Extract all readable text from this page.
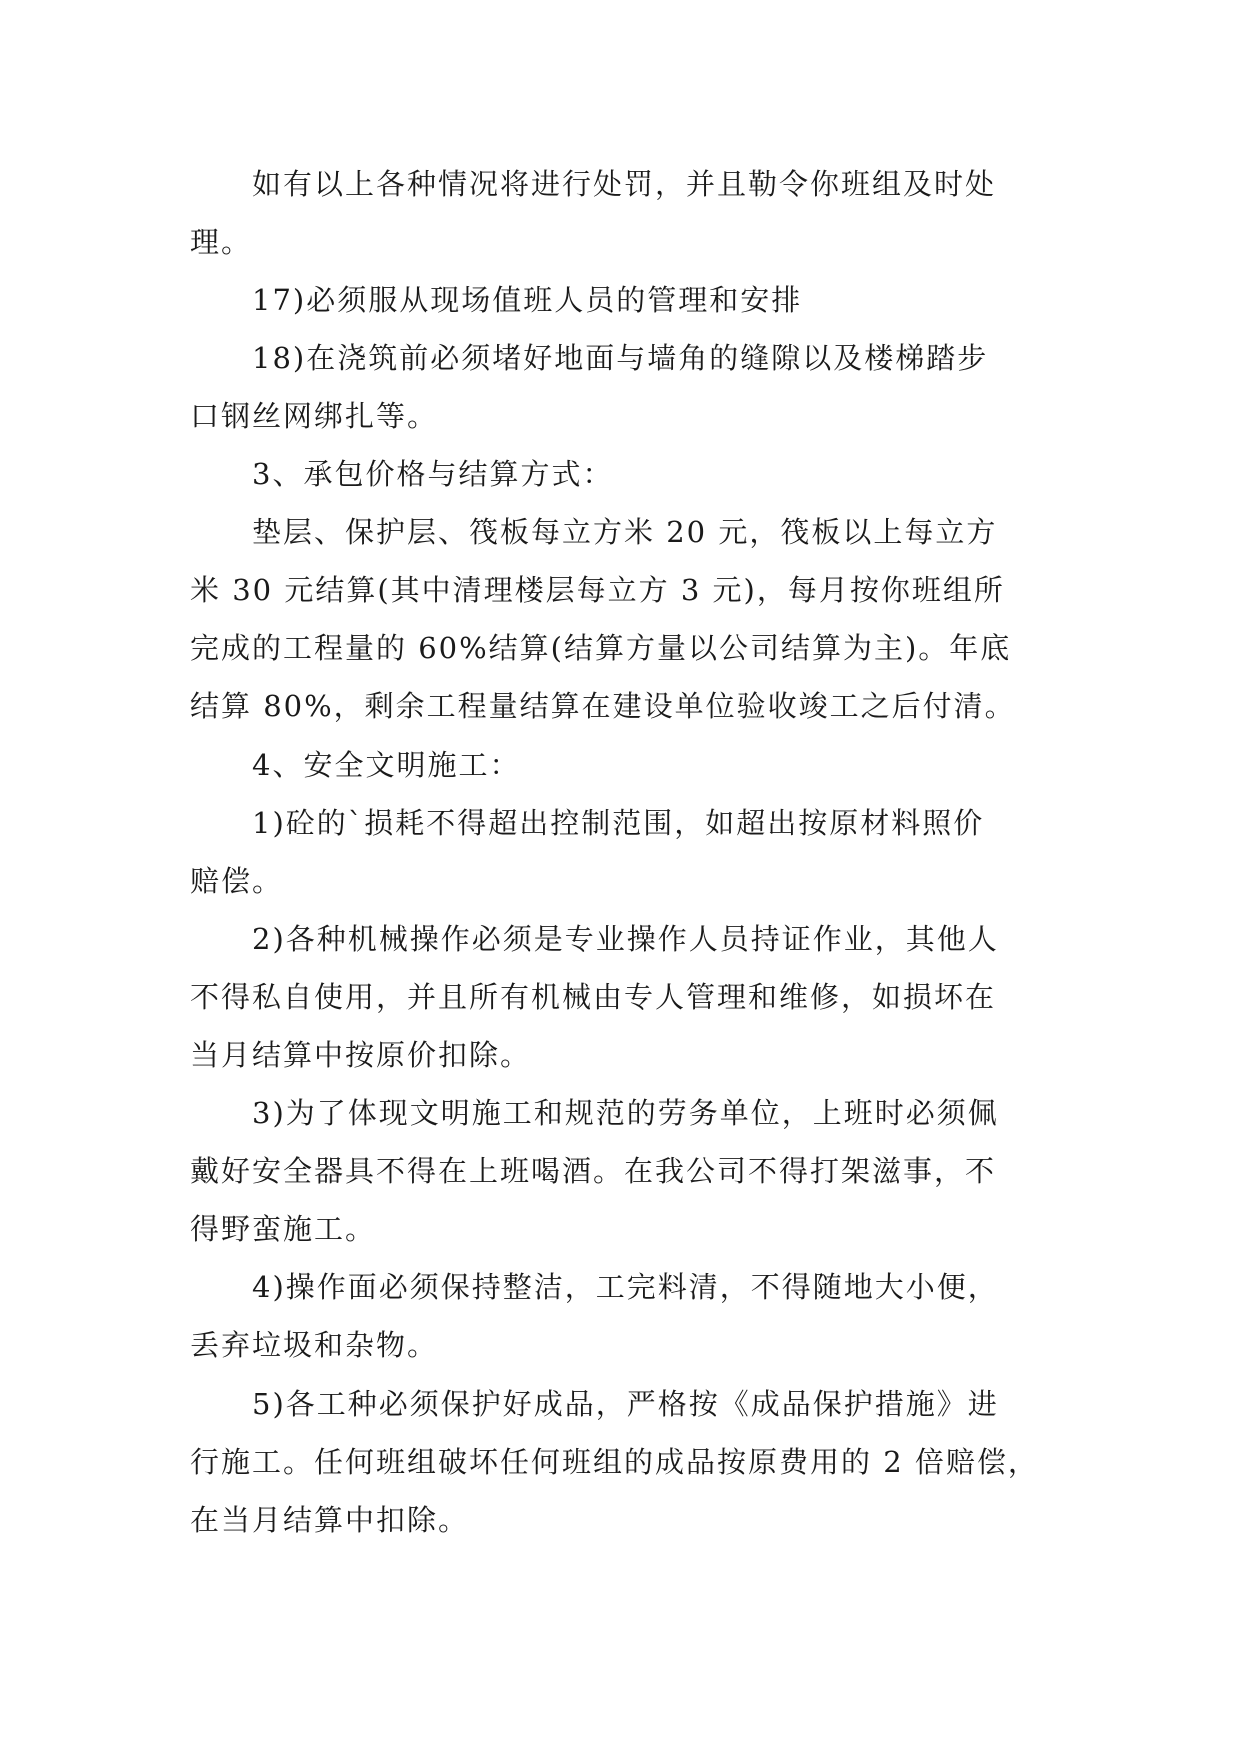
如有以上各种情况将进行处罚，并且勒令你班组及时处
理。
17)必须服从现场值班人员的管理和安排
18)在浇筑前必须堵好地面与墙角的缝隙以及楼梯踏步
口钢丝网绑扎等。
3、承包价格与结算方式：
垫层、保护层、筏板每立方米 20 元，筏板以上每立方
米 30 元结算(其中清理楼层每立方 3 元)，每月按你班组所
完成的工程量的 60%结算(结算方量以公司结算为主)。年底
结算 80%，剩余工程量结算在建设单位验收竣工之后付清。
4、安全文明施工：
1)砼的`损耗不得超出控制范围，如超出按原材料照价
赔偿。
2)各种机械操作必须是专业操作人员持证作业，其他人
不得私自使用，并且所有机械由专人管理和维修，如损坏在
当月结算中按原价扣除。
3)为了体现文明施工和规范的劳务单位，上班时必须佩
戴好安全器具不得在上班喝酒。在我公司不得打架滋事，不
得野蛮施工。
4)操作面必须保持整洁，工完料清，不得随地大小便，
丢弃垃圾和杂物。
5)各工种必须保护好成品，严格按《成品保护措施》进
行施工。任何班组破坏任何班组的成品按原费用的 2 倍赔偿，
在当月结算中扣除。
